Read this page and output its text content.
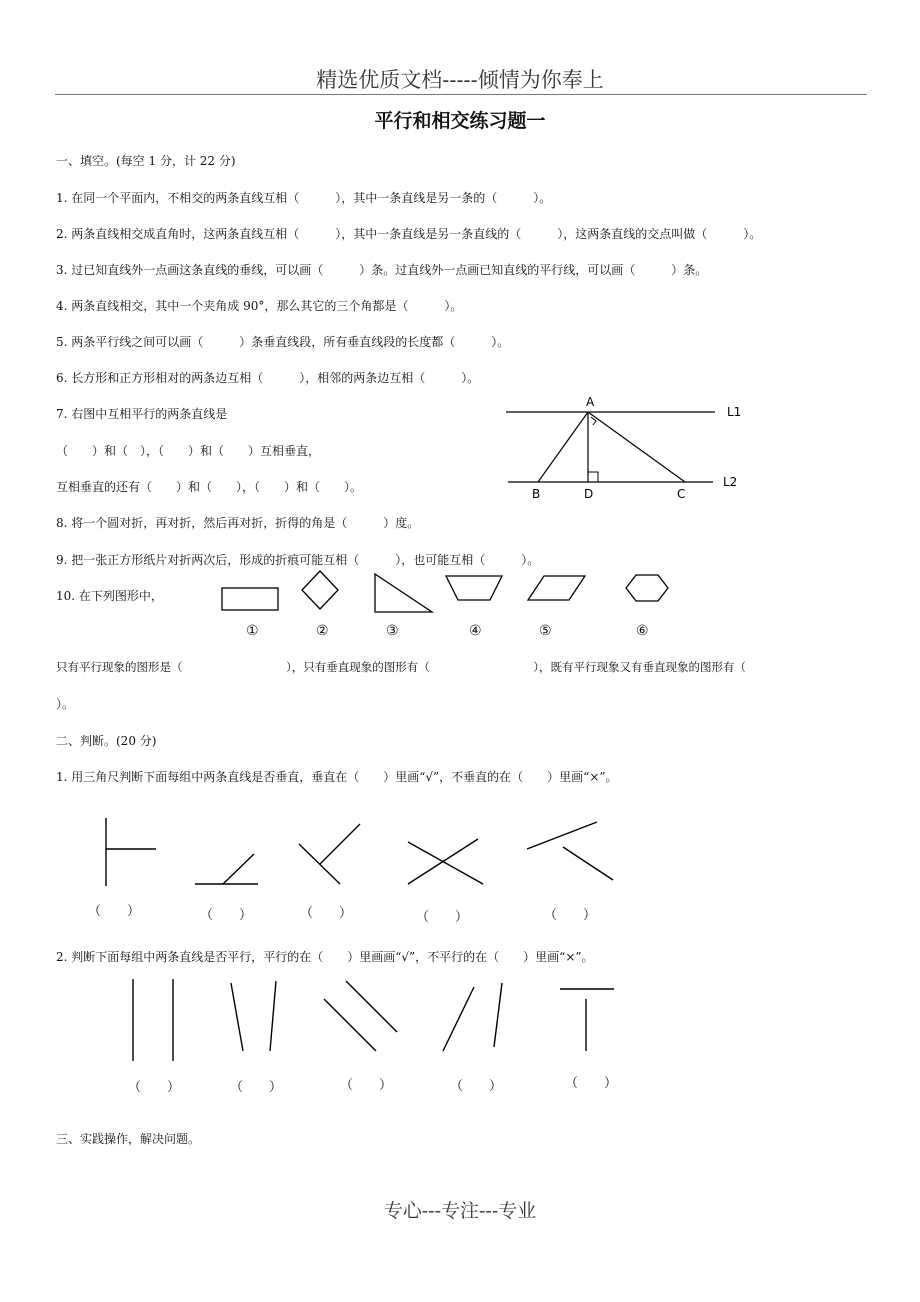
精选优质文档-----倾情为你奉上
平行和相交练习题一
一、填空。(每空 1 分，计 22 分)
1. 在同一个平面内，不相交的两条直线互相（　　　），其中一条直线是另一条的（　　　）。
2. 两条直线相交成直角时，这两条直线互相（　　　），其中一条直线是另一条直线的（　　　），这两条直线的交点叫做（　　　）。
3. 过已知直线外一点画这条直线的垂线，可以画（　　　）条。过直线外一点画已知直线的平行线，可以画（　　　）条。
4. 两条直线相交，其中一个夹角成 90°，那么其它的三个角都是（　　　）。
5. 两条平行线之间可以画（　　　）条垂直线段，所有垂直线段的长度都（　　　）。
6. 长方形和正方形相对的两条边互相（　　　），相邻的两条边互相（　　　）。
7. 右图中互相平行的两条直线是
（　　）和（　），（　　）和（　　）互相垂直，
互相垂直的还有（　　）和（　　），（　　）和（　　）。
A
B	D	C
L1
L2
8. 将一个圆对折，再对折，然后再对折，折得的角是（　　　）度。
9. 把一张正方形纸片对折两次后，形成的折痕可能互相（　　　），也可能互相（　　　）。
10. 在下列图形中，
①	②	③	④	⑤	⑥
只有平行现象的图形是（　　　　　　　　　），只有垂直现象的图形有（　　　　　　　　　），既有平行现象又有垂直现象的图形有（
）。
二、判断。(20 分)
1. 用三角尺判断下面每组中两条直线是否垂直，垂直在（　　）里画“√”，不垂直的在（　　）里画“×”。
（　　）	（　　）	（　　）	（　　）	（　　）
2. 判断下面每组中两条直线是否平行，平行的在（　　）里画画“√”，不平行的在（　　）里画“×”。
（　　）	（　　）	（　　）	（　　）	（　　）
三、实践操作，解决问题。
专心---专注---专业
